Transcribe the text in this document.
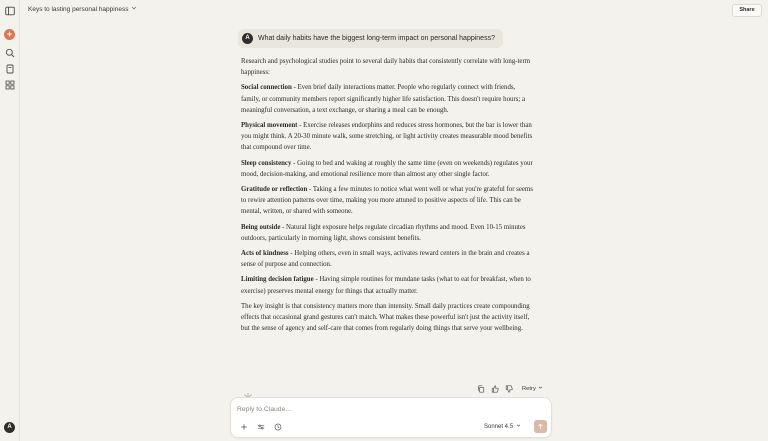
+
A
Keys to lasting personal happiness	Share
A	What daily habits have the biggest long-term impact on personal happiness?

Research and psychological studies point to several daily habits that consistently correlate with long-term happiness:

Social connection - Even brief daily interactions matter. People who regularly connect with friends, family, or community members report significantly higher life satisfaction. This doesn't require hours; a meaningful conversation, a text exchange, or sharing a meal can be enough.

Physical movement - Exercise releases endorphins and reduces stress hormones, but the bar is lower than you might think. A 20-30 minute walk, some stretching, or light activity creates measurable mood benefits that compound over time.

Sleep consistency - Going to bed and waking at roughly the same time (even on weekends) regulates your mood, decision-making, and emotional resilience more than almost any other single factor.

Gratitude or reflection - Taking a few minutes to notice what went well or what you're grateful for seems to rewire attention patterns over time, making you more attuned to positive aspects of life. This can be mental, written, or shared with someone.

Being outside - Natural light exposure helps regulate circadian rhythms and mood. Even 10-15 minutes outdoors, particularly in morning light, shows consistent benefits.

Acts of kindness - Helping others, even in small ways, activates reward centers in the brain and creates a sense of purpose and connection.

Limiting decision fatigue - Having simple routines for mundane tasks (what to eat for breakfast, when to exercise) preserves mental energy for things that actually matter.

The key insight is that consistency matters more than intensity. Small daily practices create compounding effects that occasional grand gestures can't match. What makes these powerful isn't just the activity itself, but the sense of agency and self-care that comes from regularly doing things that serve your wellbeing.

Retry
Reply to Claude...
Sonnet 4.5
